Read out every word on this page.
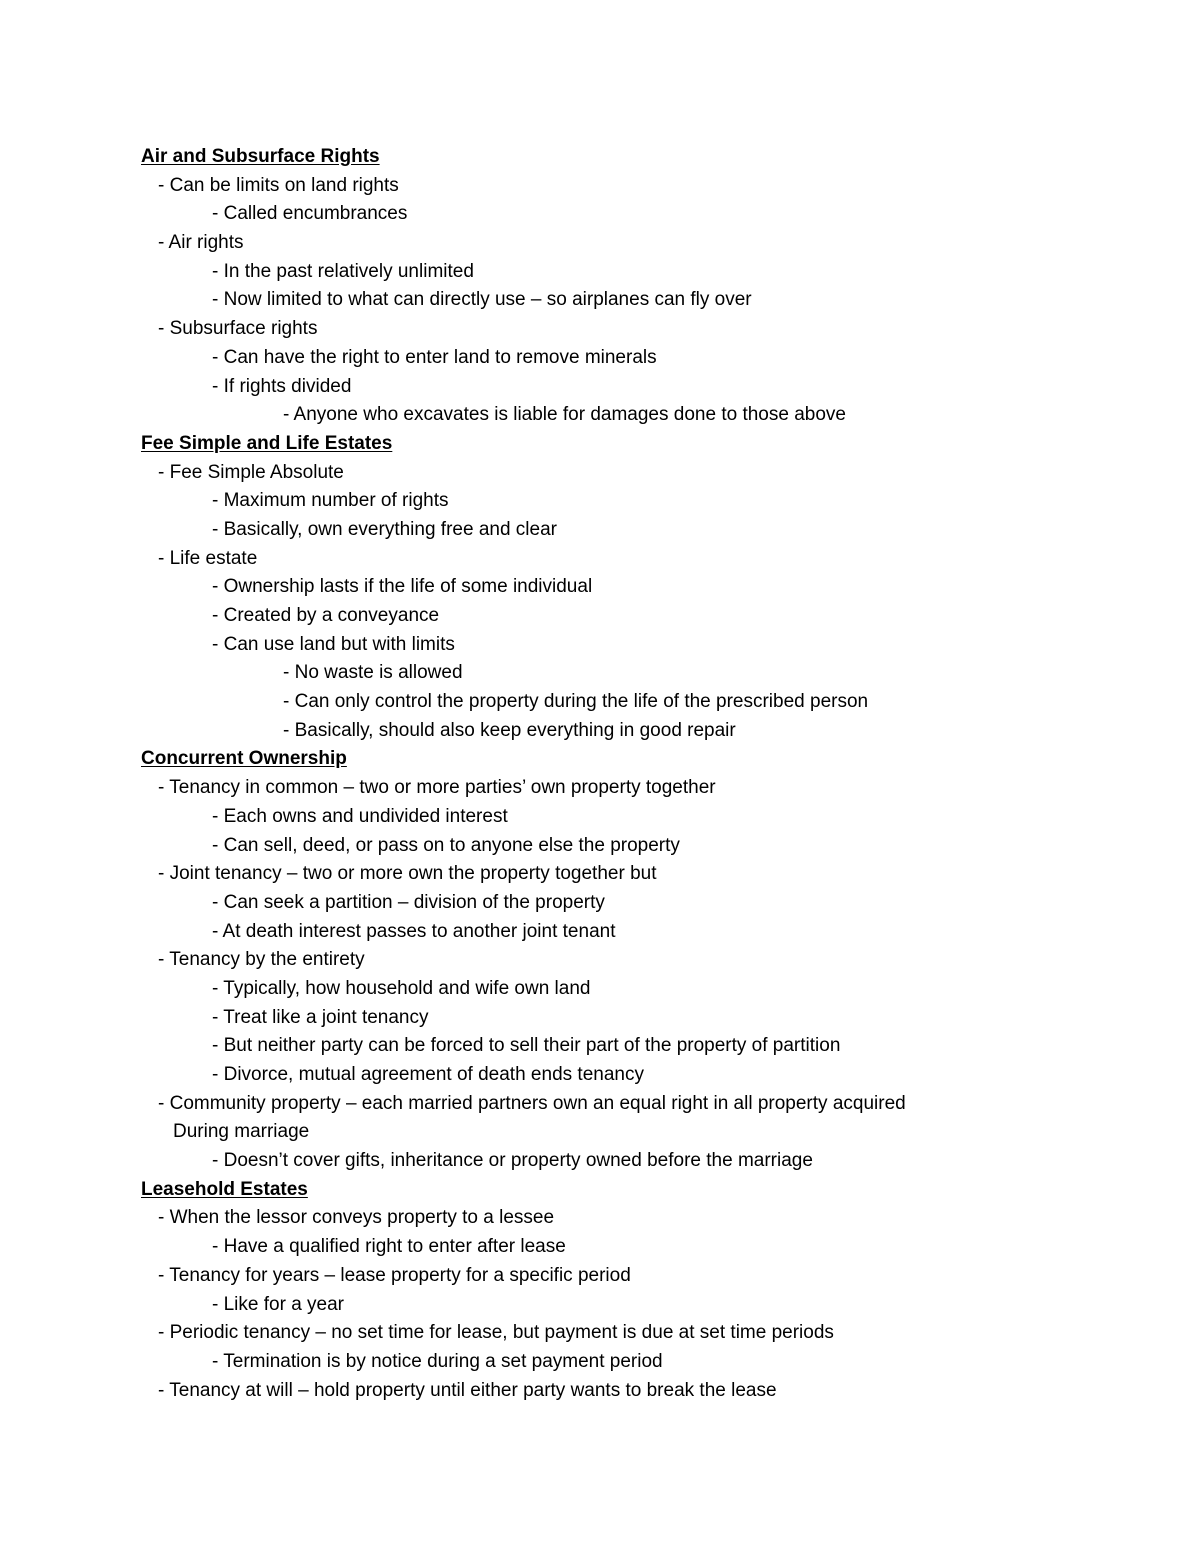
Air and Subsurface Rights
- Can be limits on land rights
- Called encumbrances
- Air rights
- In the past relatively unlimited
- Now limited to what can directly use – so airplanes can fly over
- Subsurface rights
- Can have the right to enter land to remove minerals
- If rights divided
- Anyone who excavates is liable for damages done to those above
Fee Simple and Life Estates
- Fee Simple Absolute
- Maximum number of rights
- Basically, own everything free and clear
- Life estate
- Ownership lasts if the life of some individual
- Created by a conveyance
- Can use land but with limits
- No waste is allowed
- Can only control the property during the life of the prescribed person
- Basically, should also keep everything in good repair
Concurrent Ownership
- Tenancy in common – two or more parties’ own property together
- Each owns and undivided interest
- Can sell, deed, or pass on to anyone else the property
- Joint tenancy – two or more own the property together but
- Can seek a partition – division of the property
- At death interest passes to another joint tenant
- Tenancy by the entirety
- Typically, how household and wife own land
- Treat like a joint tenancy
- But neither party can be forced to sell their part of the property of partition
- Divorce, mutual agreement of death ends tenancy
- Community property – each married partners own an equal right in all property acquired
During marriage
- Doesn’t cover gifts, inheritance or property owned before the marriage
Leasehold Estates
- When the lessor conveys property to a lessee
- Have a qualified right to enter after lease
- Tenancy for years – lease property for a specific period
- Like for a year
- Periodic tenancy – no set time for lease, but payment is due at set time periods
- Termination is by notice during a set payment period
- Tenancy at will – hold property until either party wants to break the lease
